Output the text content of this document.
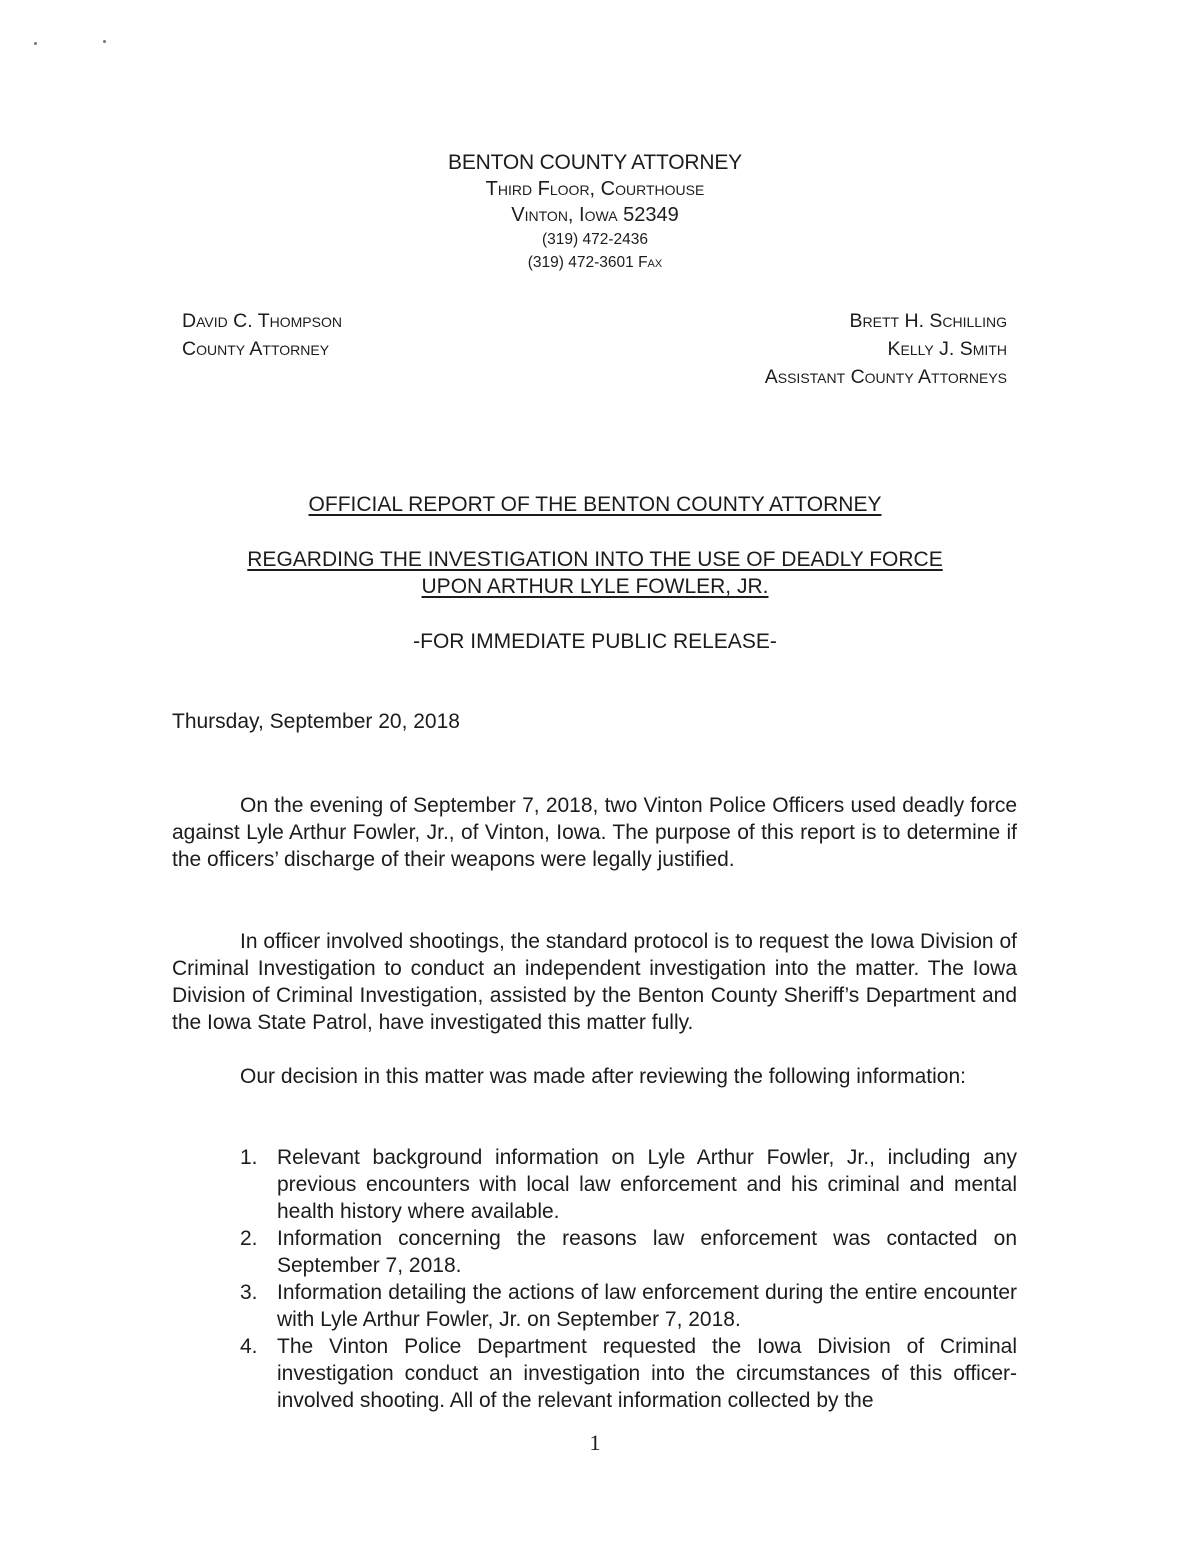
BENTON COUNTY ATTORNEY
Third Floor, Courthouse
Vinton, Iowa 52349
(319) 472-2436
(319) 472-3601 Fax
David C. Thompson
County Attorney
Brett H. Schilling
Kelly J. Smith
Assistant County Attorneys
OFFICIAL REPORT OF THE BENTON COUNTY ATTORNEY
REGARDING THE INVESTIGATION INTO THE USE OF DEADLY FORCE
UPON ARTHUR LYLE FOWLER, JR.
-FOR IMMEDIATE PUBLIC RELEASE-
Thursday, September 20, 2018

On the evening of September 7, 2018, two Vinton Police Officers used deadly force against Lyle Arthur Fowler, Jr., of Vinton, Iowa. The purpose of this report is to determine if the officers’ discharge of their weapons were legally justified.

In officer involved shootings, the standard protocol is to request the Iowa Division of Criminal Investigation to conduct an independent investigation into the matter. The Iowa Division of Criminal Investigation, assisted by the Benton County Sheriff’s Department and the Iowa State Patrol, have investigated this matter fully.

Our decision in this matter was made after reviewing the following information:

1. Relevant background information on Lyle Arthur Fowler, Jr., including any previous encounters with local law enforcement and his criminal and mental health history where available.
2. Information concerning the reasons law enforcement was contacted on September 7, 2018.
3. Information detailing the actions of law enforcement during the entire encounter with Lyle Arthur Fowler, Jr. on September 7, 2018.
4. The Vinton Police Department requested the Iowa Division of Criminal investigation conduct an investigation into the circumstances of this officer-involved shooting. All of the relevant information collected by the
1
